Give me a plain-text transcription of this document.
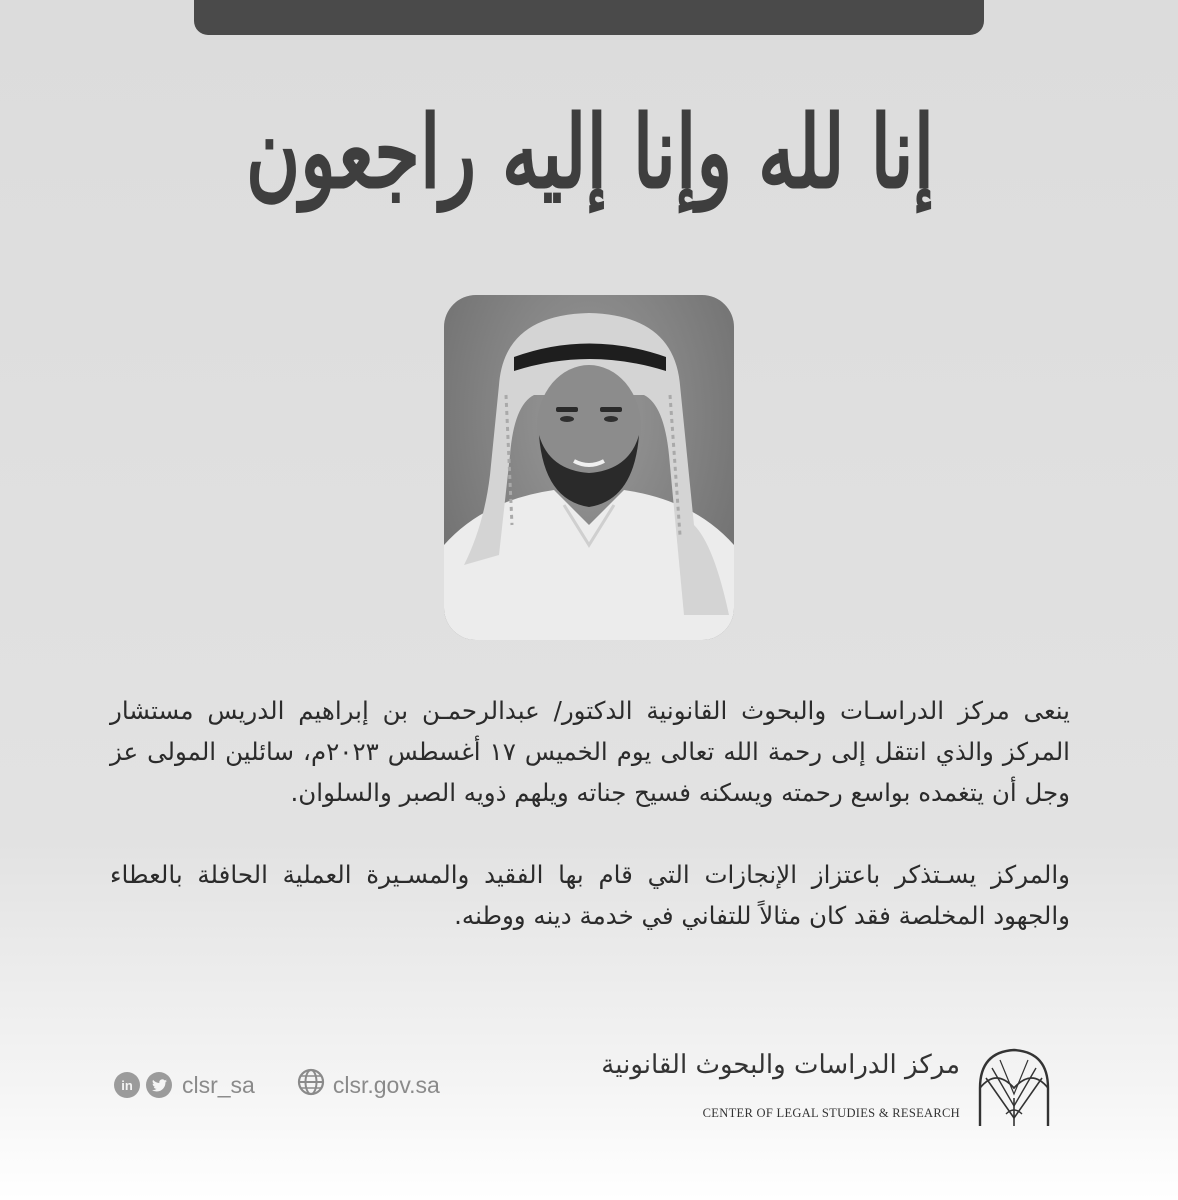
إنا لله وإنا إليه راجعون

ينعى مركز الدراسـات والبحوث القانونية الدكتور/ عبدالرحمـن بن إبراهيم الدريس مستشار المركز والذي انتقل إلى رحمة الله تعالى يوم الخميس ١٧ أغسطس ٢٠٢٣م، سائلين المولى عز وجل أن يتغمده بواسع رحمته ويسكنه فسيح جناته ويلهم ذويه الصبر والسلوان.

والمركز يسـتذكر باعتزاز الإنجازات التي قام بها الفقيد والمسـيرة العملية الحافلة بالعطاء والجهود المخلصة فقد كان مثالاً للتفاني في خدمة دينه ووطنه.

in	clsr_sa	clsr.gov.sa
مركز الدراسات والبحوث القانونية
CENTER OF LEGAL STUDIES & RESEARCH
